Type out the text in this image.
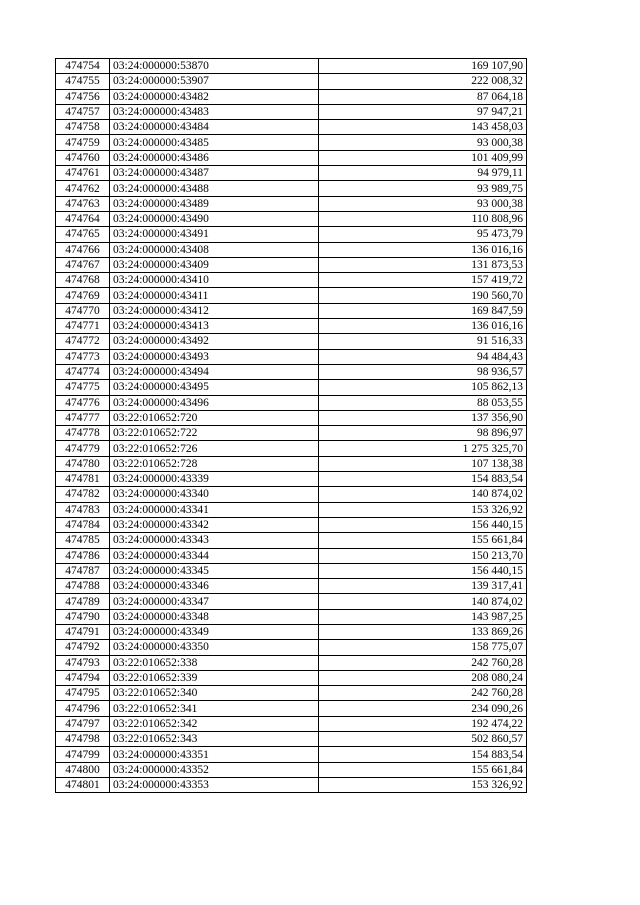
474754	03:24:000000:53870	169 107,90
474755	03:24:000000:53907	222 008,32
474756	03:24:000000:43482	87 064,18
474757	03:24:000000:43483	97 947,21
474758	03:24:000000:43484	143 458,03
474759	03:24:000000:43485	93 000,38
474760	03:24:000000:43486	101 409,99
474761	03:24:000000:43487	94 979,11
474762	03:24:000000:43488	93 989,75
474763	03:24:000000:43489	93 000,38
474764	03:24:000000:43490	110 808,96
474765	03:24:000000:43491	95 473,79
474766	03:24:000000:43408	136 016,16
474767	03:24:000000:43409	131 873,53
474768	03:24:000000:43410	157 419,72
474769	03:24:000000:43411	190 560,70
474770	03:24:000000:43412	169 847,59
474771	03:24:000000:43413	136 016,16
474772	03:24:000000:43492	91 516,33
474773	03:24:000000:43493	94 484,43
474774	03:24:000000:43494	98 936,57
474775	03:24:000000:43495	105 862,13
474776	03:24:000000:43496	88 053,55
474777	03:22:010652:720	137 356,90
474778	03:22:010652:722	98 896,97
474779	03:22:010652:726	1 275 325,70
474780	03:22:010652:728	107 138,38
474781	03:24:000000:43339	154 883,54
474782	03:24:000000:43340	140 874,02
474783	03:24:000000:43341	153 326,92
474784	03:24:000000:43342	156 440,15
474785	03:24:000000:43343	155 661,84
474786	03:24:000000:43344	150 213,70
474787	03:24:000000:43345	156 440,15
474788	03:24:000000:43346	139 317,41
474789	03:24:000000:43347	140 874,02
474790	03:24:000000:43348	143 987,25
474791	03:24:000000:43349	133 869,26
474792	03:24:000000:43350	158 775,07
474793	03:22:010652:338	242 760,28
474794	03:22:010652:339	208 080,24
474795	03:22:010652:340	242 760,28
474796	03:22:010652:341	234 090,26
474797	03:22:010652:342	192 474,22
474798	03:22:010652:343	502 860,57
474799	03:24:000000:43351	154 883,54
474800	03:24:000000:43352	155 661,84
474801	03:24:000000:43353	153 326,92
